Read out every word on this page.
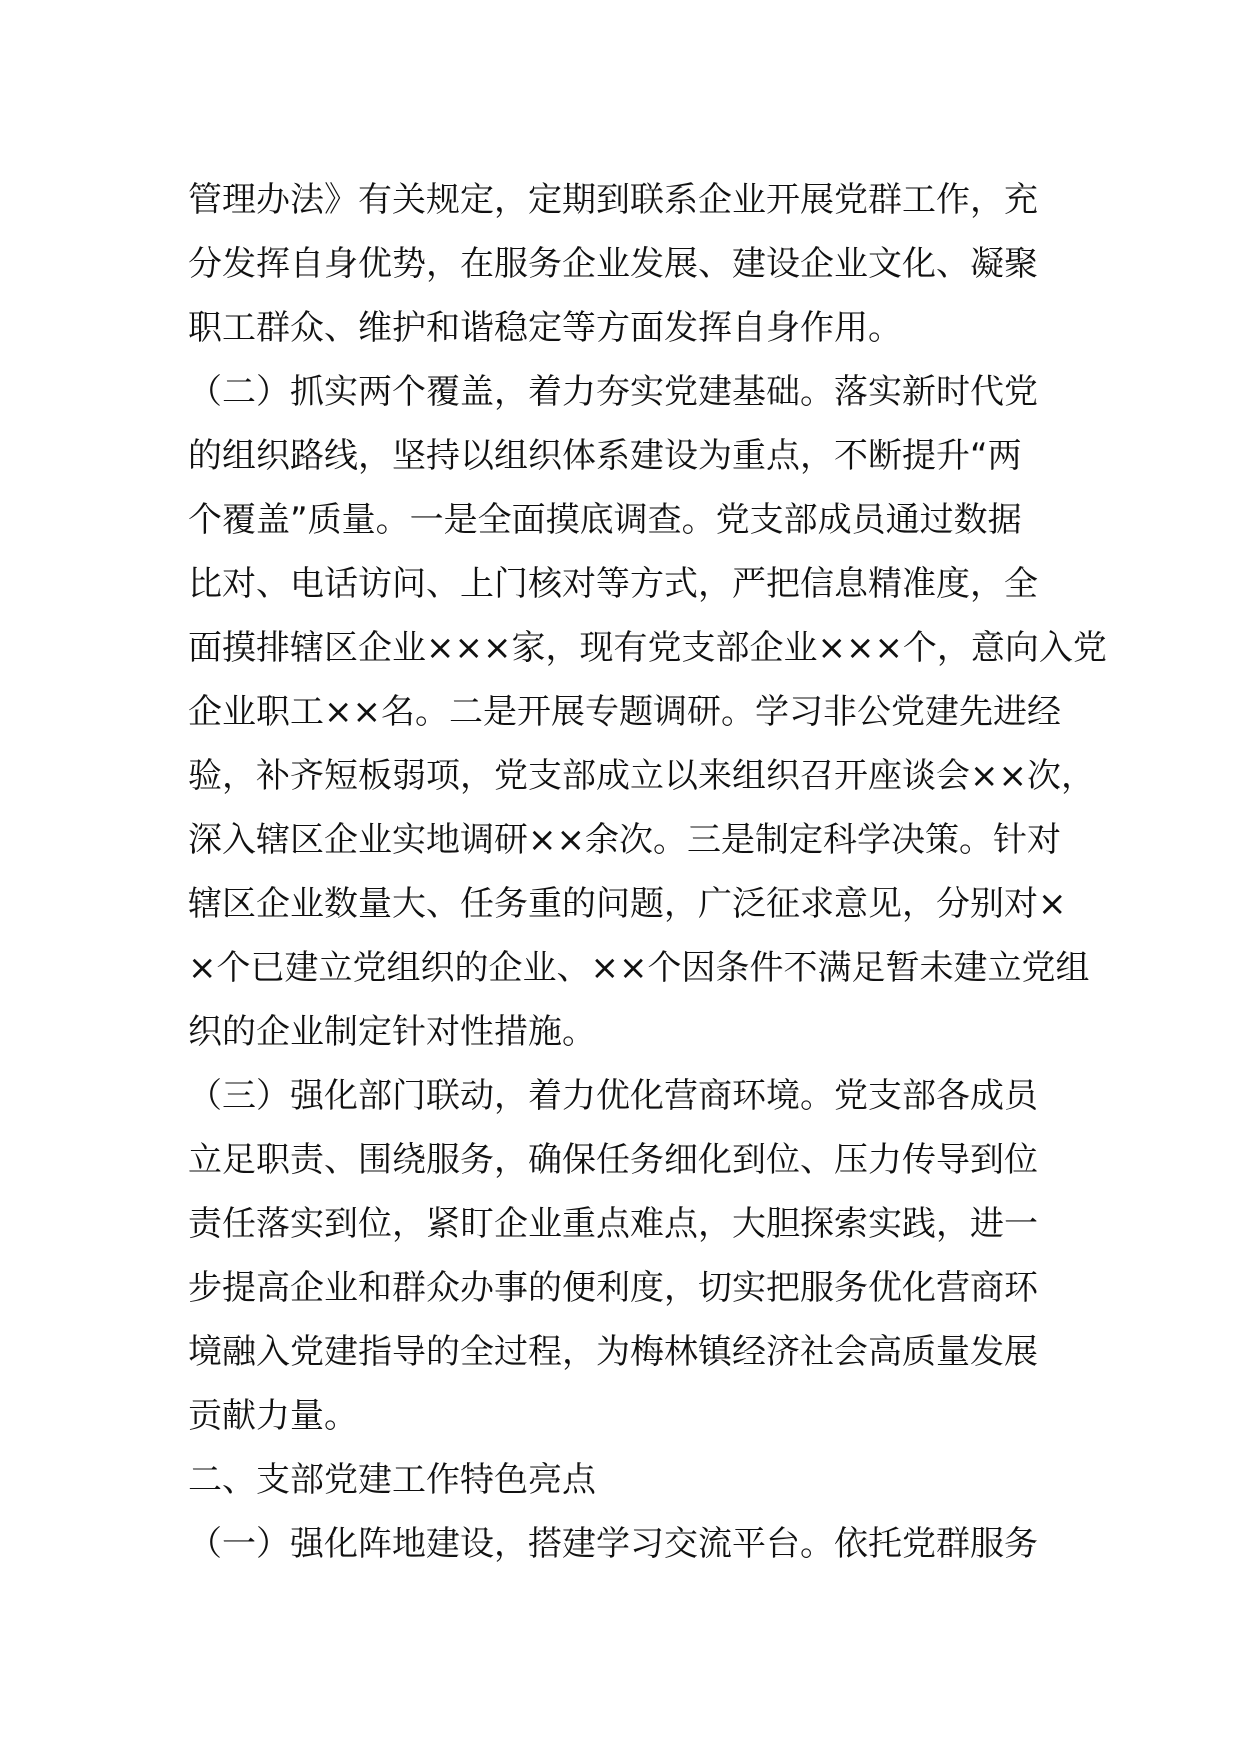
管理办法》有关规定，定期到联系企业开展党群工作，充
分发挥自身优势，在服务企业发展、建设企业文化、凝聚
职工群众、维护和谐稳定等方面发挥自身作用。
（二）抓实两个覆盖，着力夯实党建基础。落实新时代党
的组织路线，坚持以组织体系建设为重点，不断提升“两
个覆盖”质量。一是全面摸底调查。党支部成员通过数据
比对、电话访问、上门核对等方式，严把信息精准度，全
面摸排辖区企业×××家，现有党支部企业×××个，意向入党
企业职工××名。二是开展专题调研。学习非公党建先进经
验，补齐短板弱项，党支部成立以来组织召开座谈会××次，
深入辖区企业实地调研××余次。三是制定科学决策。针对
辖区企业数量大、任务重的问题，广泛征求意见，分别对×
×个已建立党组织的企业、××个因条件不满足暂未建立党组
织的企业制定针对性措施。
（三）强化部门联动，着力优化营商环境。党支部各成员
立足职责、围绕服务，确保任务细化到位、压力传导到位
责任落实到位，紧盯企业重点难点，大胆探索实践，进一
步提高企业和群众办事的便利度，切实把服务优化营商环
境融入党建指导的全过程，为梅林镇经济社会高质量发展
贡献力量。
二、支部党建工作特色亮点
（一）强化阵地建设，搭建学习交流平台。依托党群服务
